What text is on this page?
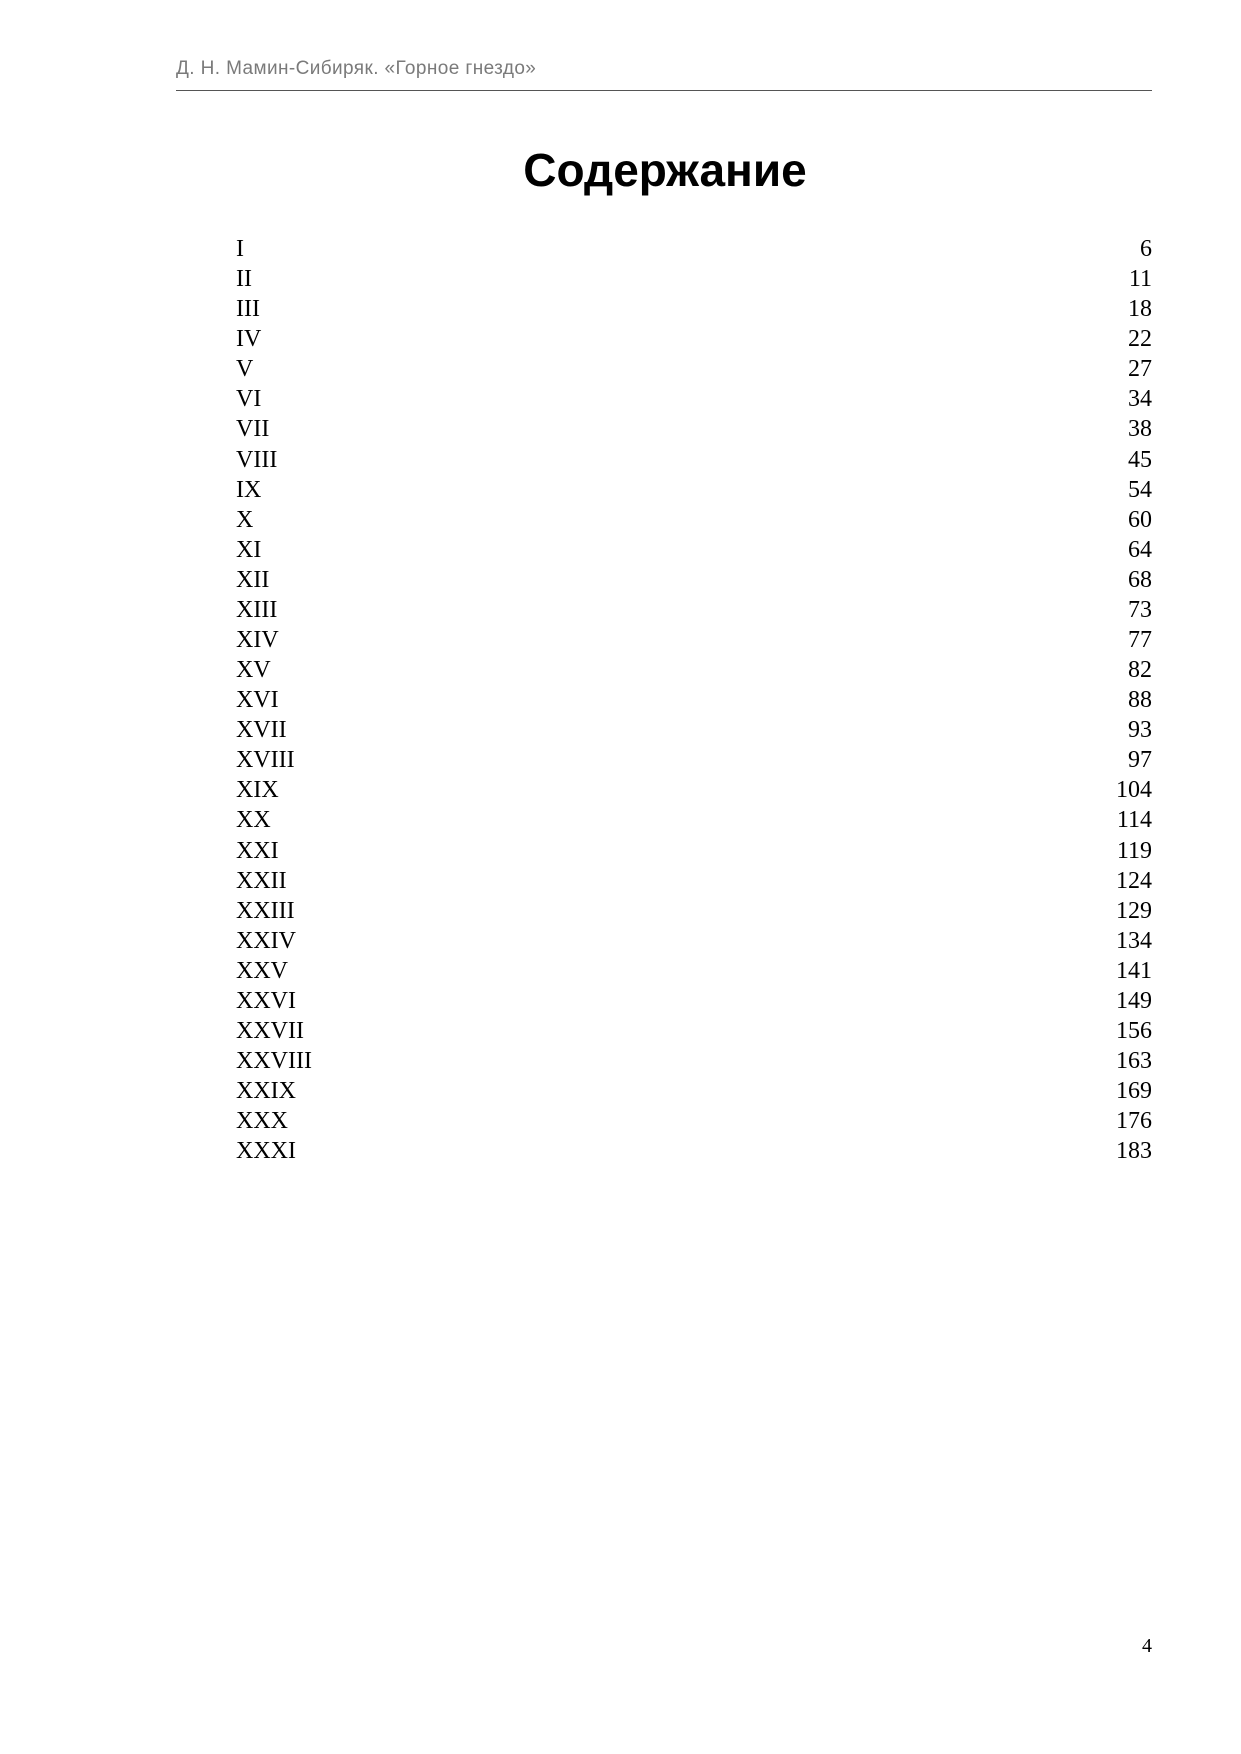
Д. Н. Мамин-Сибиряк. «Горное гнездо»
Содержание
I	6
II	11
III	18
IV	22
V	27
VI	34
VII	38
VIII	45
IX	54
X	60
XI	64
XII	68
XIII	73
XIV	77
XV	82
XVI	88
XVII	93
XVIII	97
XIX	104
XX	114
XXI	119
XXII	124
XXIII	129
XXIV	134
XXV	141
XXVI	149
XXVII	156
XXVIII	163
XXIX	169
XXX	176
XXXI	183
4
